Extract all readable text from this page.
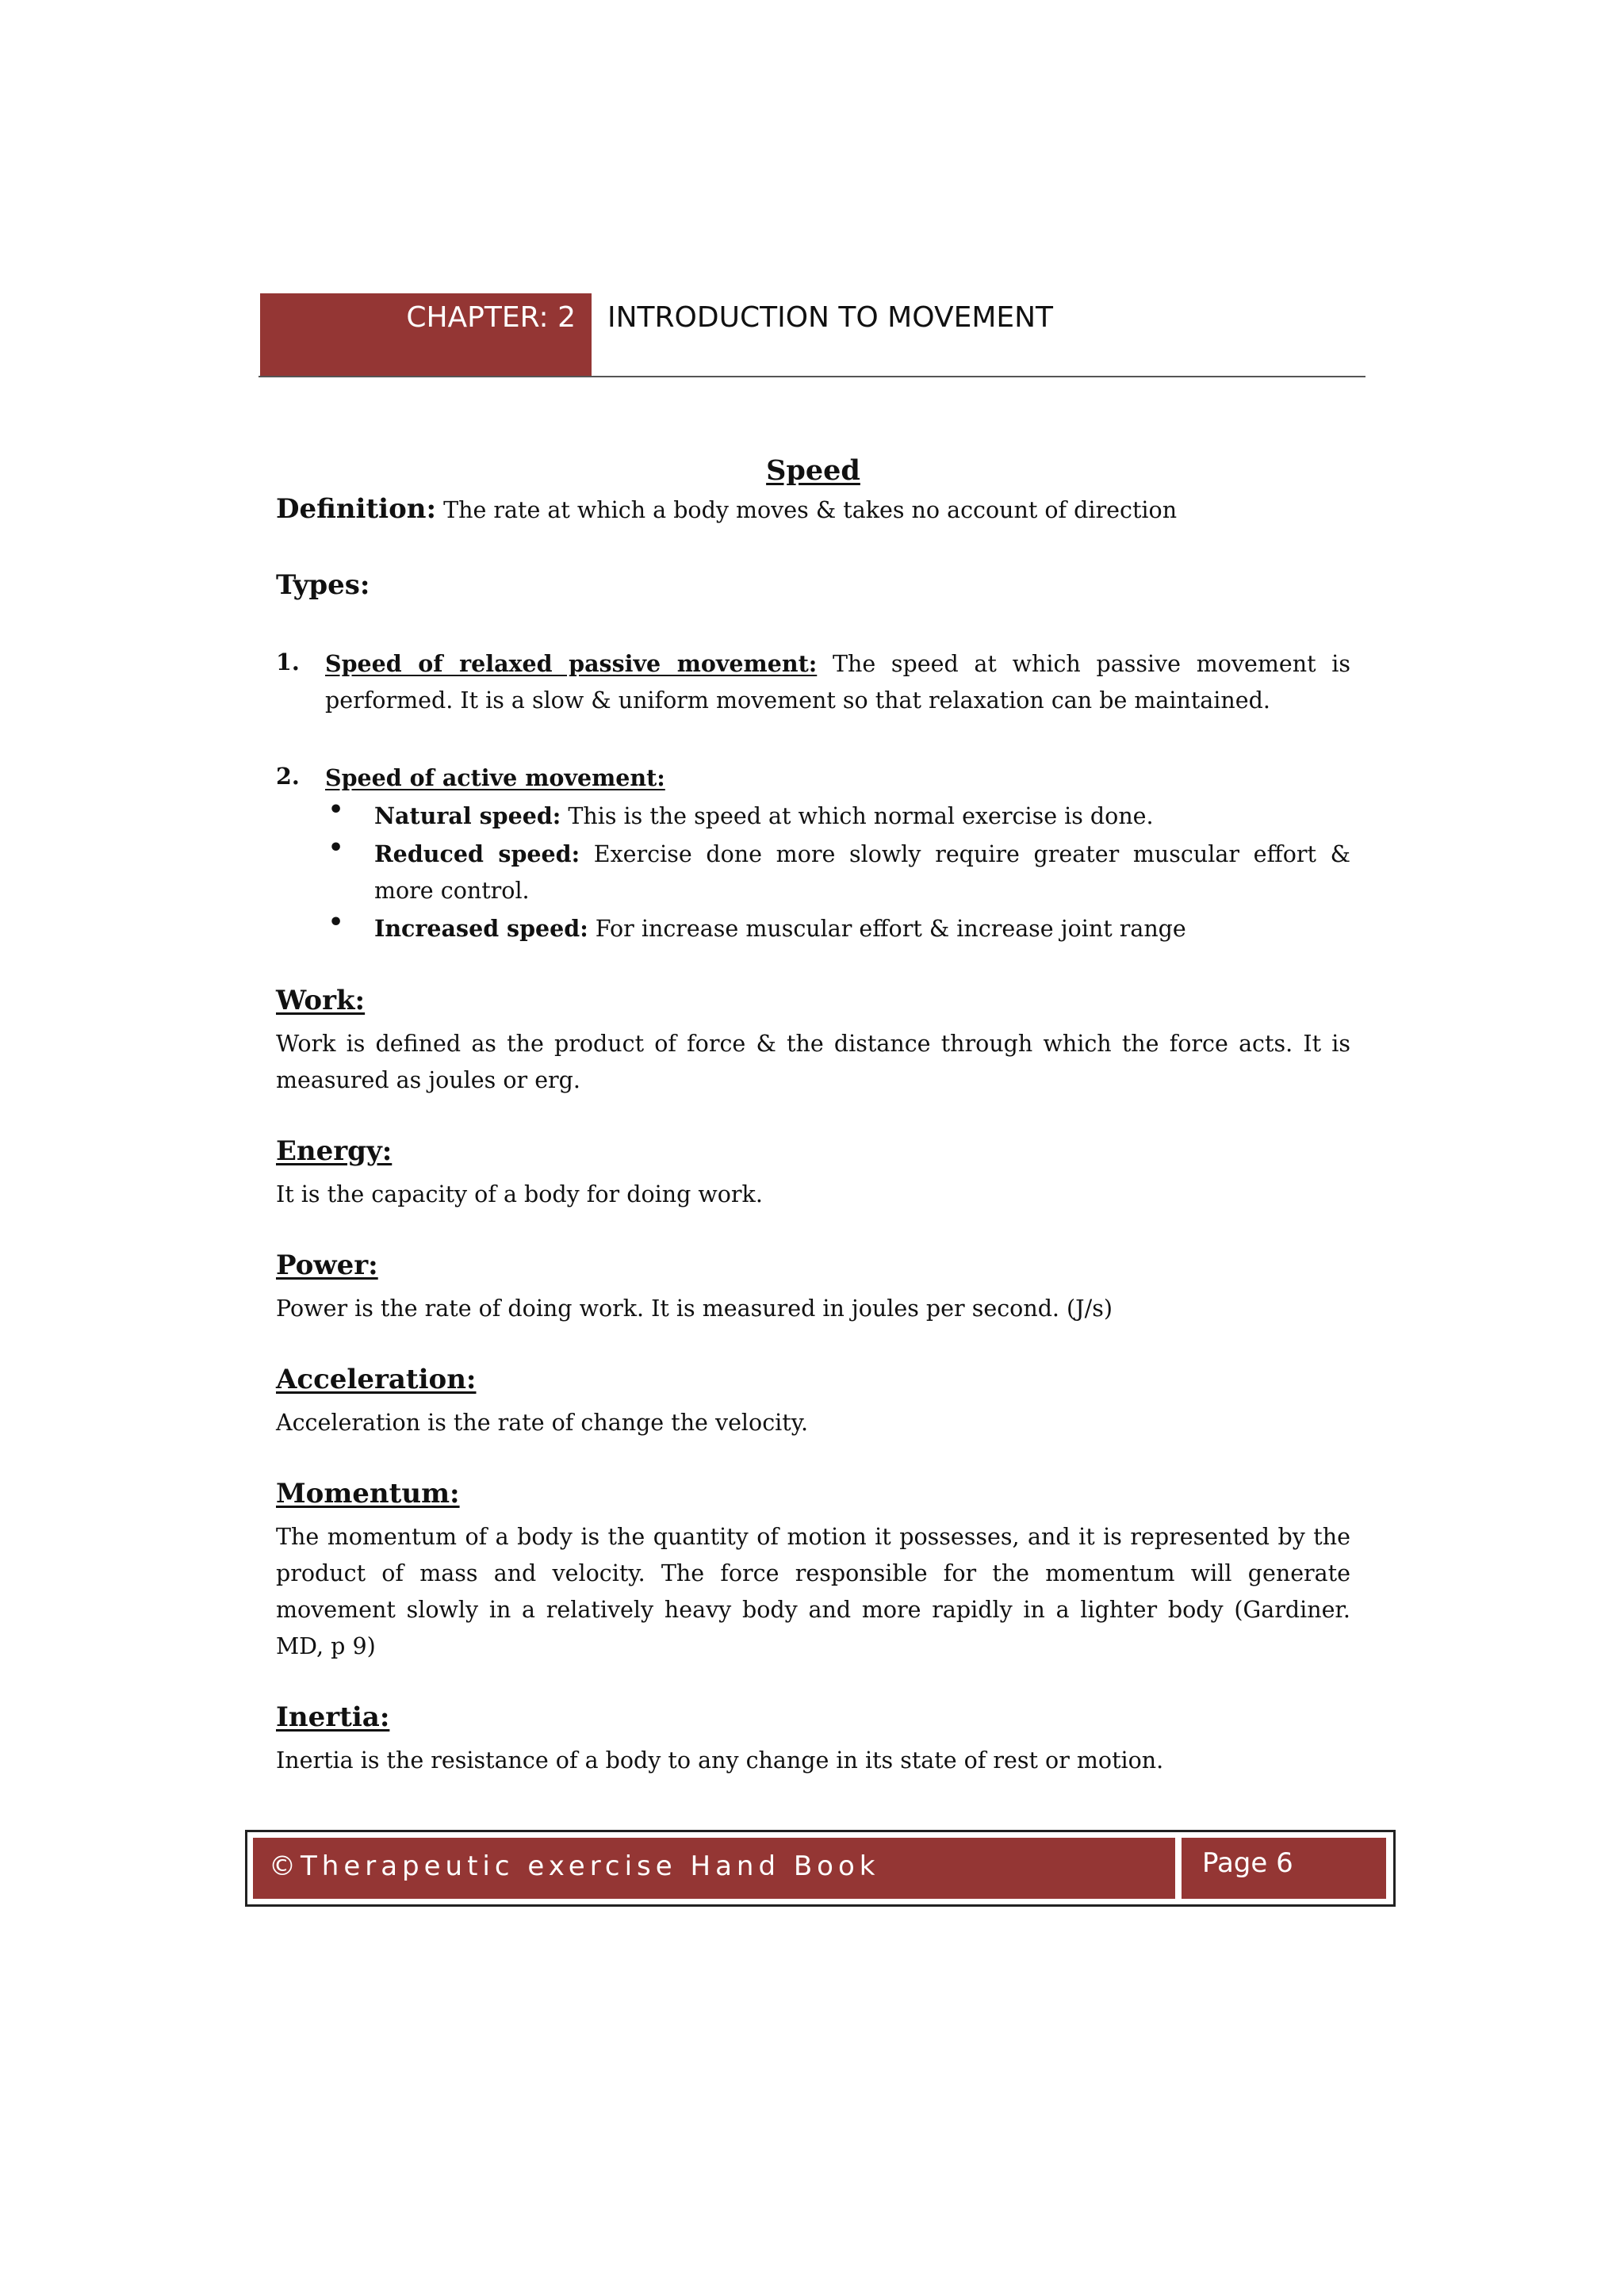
CHAPTER: 2 INTRODUCTION TO MOVEMENT
Speed
Definition: The rate at which a body moves & takes no account of direction
Types:
1. Speed of relaxed passive movement: The speed at which passive movement is
performed. It is a slow & uniform movement so that relaxation can be maintained.
2. Speed of active movement:
• Natural speed: This is the speed at which normal exercise is done.
• Reduced speed: Exercise done more slowly require greater muscular effort &
more control.
• Increased speed: For increase muscular effort & increase joint range
Work:
Work is defined as the product of force & the distance through which the force acts. It is
measured as joules or erg.
Energy:
It is the capacity of a body for doing work.
Power:
Power is the rate of doing work. It is measured in joules per second. (J/s)
Acceleration:
Acceleration is the rate of change the velocity.
Momentum:
The momentum of a body is the quantity of motion it possesses, and it is represented by the
product of mass and velocity. The force responsible for the momentum will generate
movement slowly in a relatively heavy body and more rapidly in a lighter body (Gardiner.
MD, p 9)
Inertia:
Inertia is the resistance of a body to any change in its state of rest or motion.
©Therapeutic exercise Hand Book	Page 6
